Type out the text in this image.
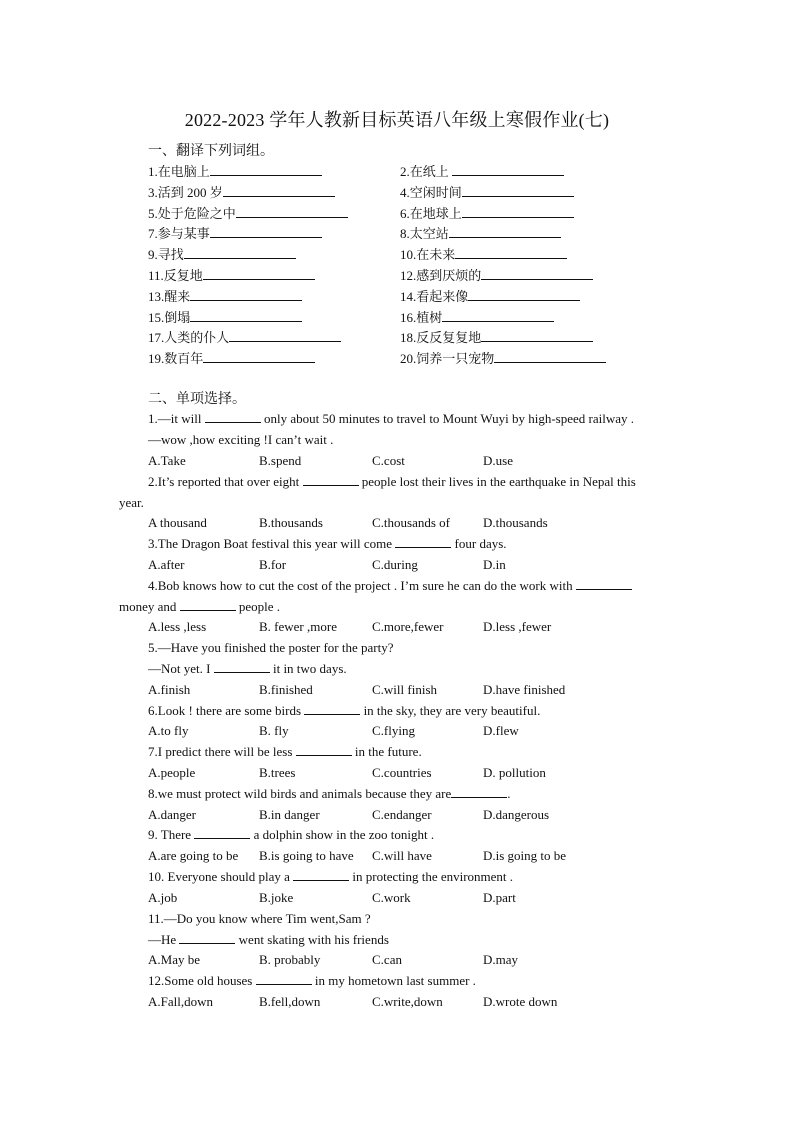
2022-2023 学年人教新目标英语八年级上寒假作业(七)
一、翻译下列词组。
1.在电脑上	2.在纸上
3.活到 200 岁	4.空闲时间
5.处于危险之中	6.在地球上
7.参与某事	8.太空站
9.寻找	10.在未来
11.反复地	12.感到厌烦的
13.醒来	14.看起来像
15.倒塌	16.植树
17.人类的仆人	18.反反复复地
19.数百年	20.饲养一只宠物
二、单项选择。
1.—it will	only about 50 minutes to travel to Mount Wuyi by high-speed railway .
—wow ,how exciting !I can’t wait .
A.Take	B.spend	C.cost	D.use
2.It’s reported that over eight	people lost their lives in the earthquake in Nepal this
year.
A thousand	B.thousands	C.thousands of	D.thousands
3.The Dragon Boat festival this year will come	four days.
A.after	B.for	C.during	D.in
4.Bob knows how to cut the cost of the project . I’m sure he can do the work with
money and	people .
A.less ,less	B. fewer ,more	C.more,fewer	D.less ,fewer
5.—Have you finished the poster for the party?
—Not yet. I	it in two days.
A.finish	B.finished	C.will finish	D.have finished
6.Look ! there are some birds	in the sky, they are very beautiful.
A.to fly	B. fly	C.flying	D.flew
7.I predict there will be less	in the future.
A.people	B.trees	C.countries	D. pollution
8.we must protect wild birds and animals because they are	.
A.danger	B.in danger	C.endanger	D.dangerous
9. There	a dolphin show in the zoo tonight .
A.are going to be B.is going to have C.will have	D.is going to be
10. Everyone should play a	in protecting the environment .
A.job	B.joke	C.work	D.part
11.—Do you know where Tim went,Sam ?
—He	went skating with his friends
A.May be	B. probably	C.can	D.may
12.Some old houses	in my hometown last summer .
A.Fall,down	B.fell,down	C.write,down	D.wrote down
